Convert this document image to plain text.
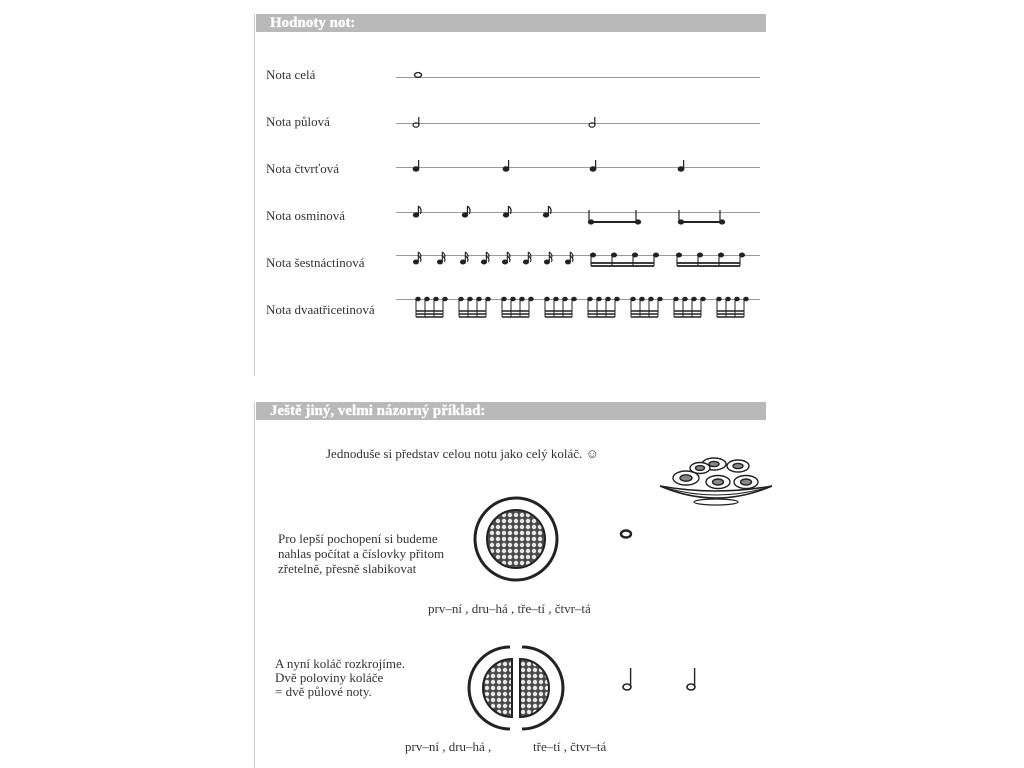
Hodnoty not:
Nota celá
Nota půlová
Nota čtvrťová
Nota osminová
Nota šestnáctinová
Nota dvaatřicetinová
Ještě jiný, velmi názorný příklad:
Jednoduše si představ celou notu jako celý koláč. ☺
Pro lepší pochopení si budeme
nahlas počítat a číslovky přitom
zřetelně, přesně slabikovat
prv–ní , dru–há , tře–tí , čtvr–tá
A nyní koláč rozkrojíme.
Dvě poloviny koláče
= dvě půlové noty.
prv–ní , dru–há ,	tře–tí , čtvr–tá
